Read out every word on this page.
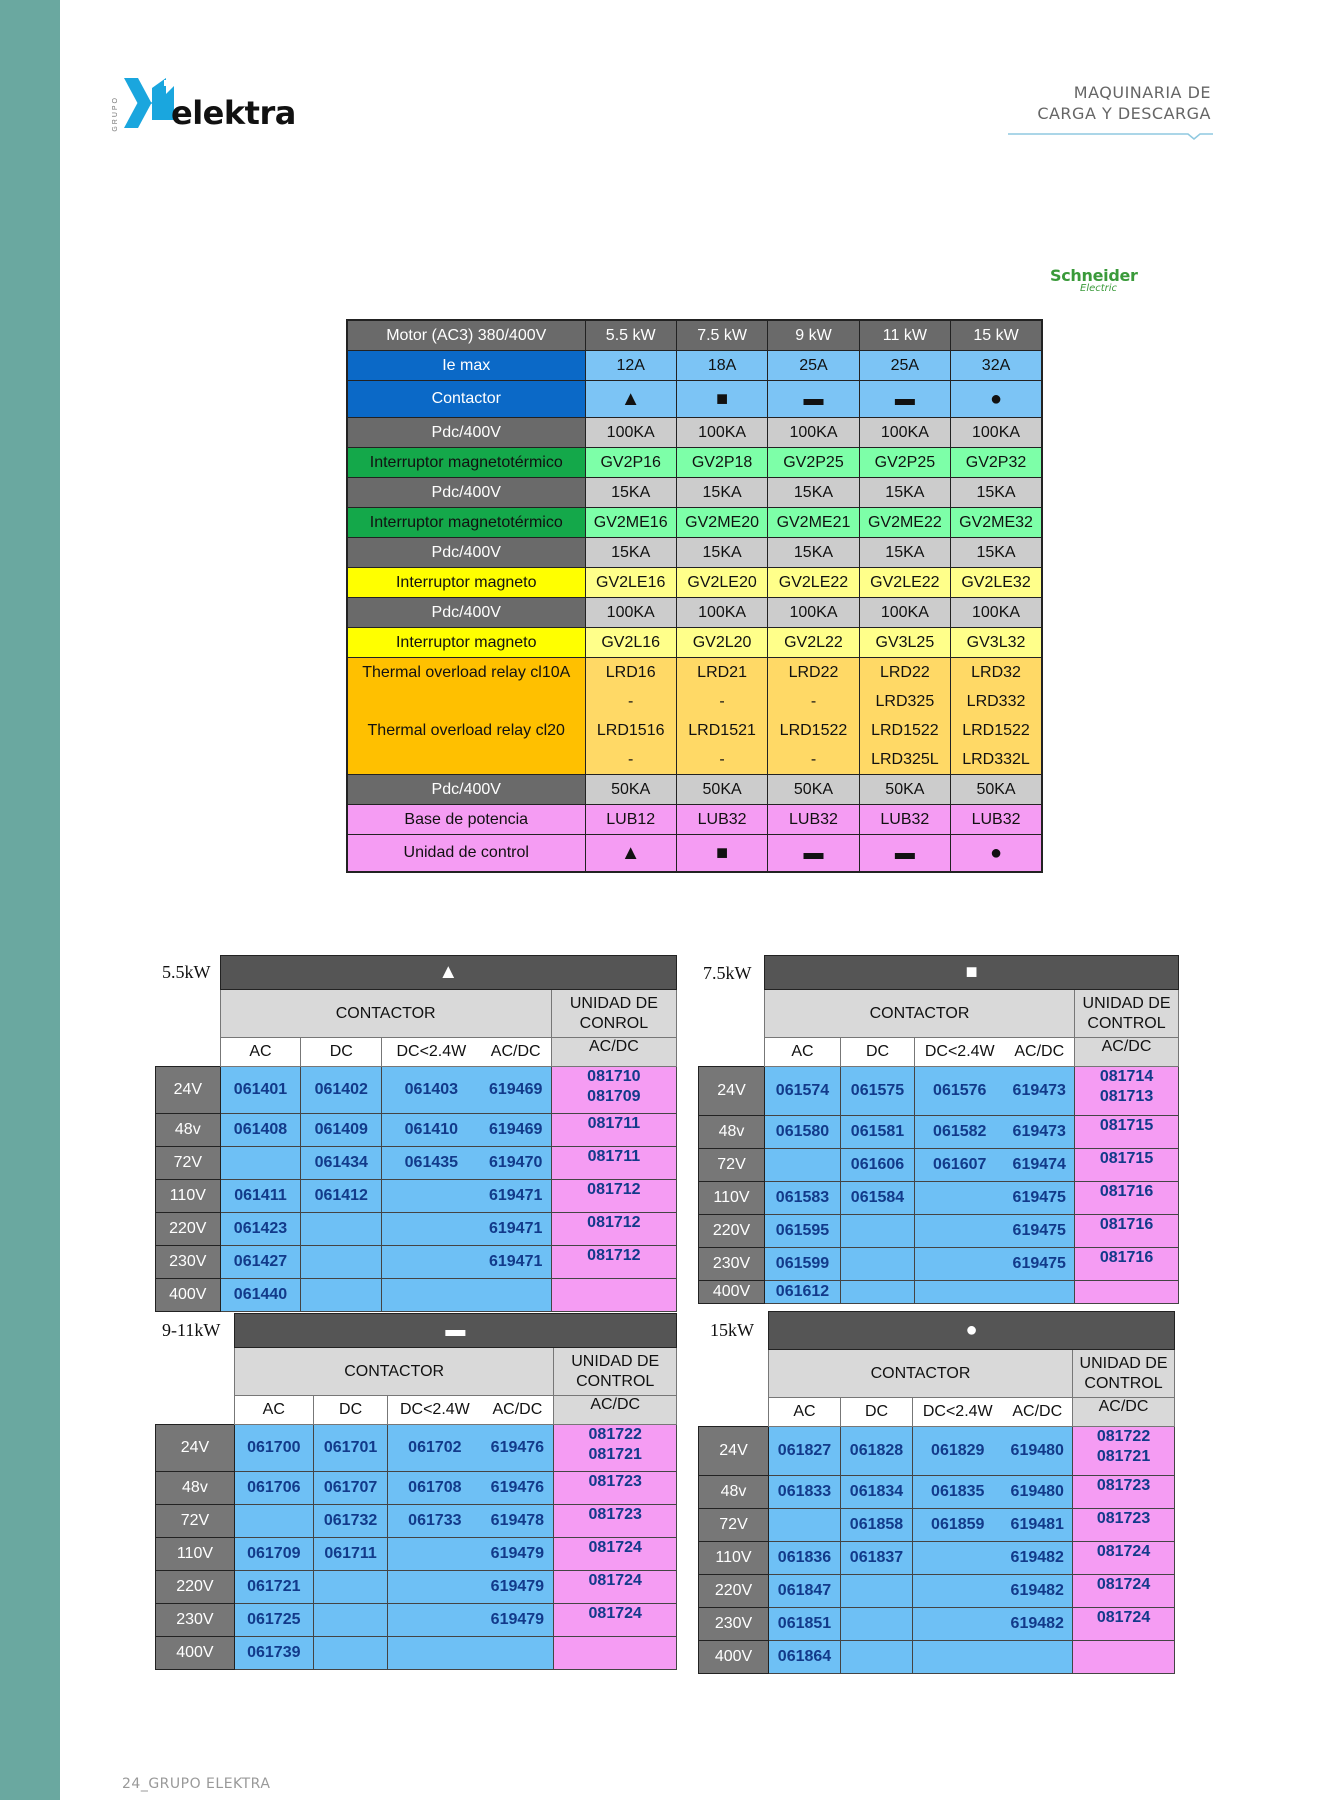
GRUPO elektra
MAQUINARIA DE
CARGA Y DESCARGA
Schneider
Electric
Motor (AC3) 380/400V	5.5 kW	7.5 kW	9 kW	11 kW	15 kW
Ie max	12A	18A	25A	25A	32A
Contactor	▲	■	▬	▬	●
Pdc/400V	100KA	100KA	100KA	100KA	100KA
Interruptor magnetotérmico	GV2P16	GV2P18	GV2P25	GV2P25	GV2P32
Pdc/400V	15KA	15KA	15KA	15KA	15KA
Interruptor magnetotérmico	GV2ME16	GV2ME20	GV2ME21	GV2ME22	GV2ME32
Pdc/400V	15KA	15KA	15KA	15KA	15KA
Interruptor magneto	GV2LE16	GV2LE20	GV2LE22	GV2LE22	GV2LE32
Pdc/400V	100KA	100KA	100KA	100KA	100KA
Interruptor magneto	GV2L16	GV2L20	GV2L22	GV3L25	GV3L32
Thermal overload relay cl10A	LRD16	LRD21	LRD22	LRD22	LRD32
	-	-	-	LRD325	LRD332
Thermal overload relay cl20	LRD1516	LRD1521	LRD1522	LRD1522	LRD1522
	-	-	-	LRD325L	LRD332L
Pdc/400V	50KA	50KA	50KA	50KA	50KA
Base de potencia	LUB12	LUB32	LUB32	LUB32	LUB32
Unidad de control	▲	■	▬	▬	●
5.5kW
		▲				
	CONTACTOR				UNIDAD DE
CONROL

	AC	DC	DC<2.4W	AC/DC	AC/DC
24V	061401	061402	061403	619469	081710
081709

48v	061408	061409	061410	619469	081711

72V		061434	061435	619470	081711

110V	061411	061412		619471	081712

220V	061423			619471	081712

230V	061427			619471	081712

400V	061440				
7.5kW
		■				
	CONTACTOR				UNIDAD DE
CONTROL

	AC	DC	DC<2.4W	AC/DC	AC/DC
24V	061574	061575	061576	619473	081714
081713

48v	061580	061581	061582	619473	081715

72V		061606	061607	619474	081715

110V	061583	061584		619475	081716

220V	061595			619475	081716

230V	061599			619475	081716

400V	061612				
9-11kW
		▬				
	CONTACTOR				UNIDAD DE
CONTROL

	AC	DC	DC<2.4W	AC/DC	AC/DC
24V	061700	061701	061702	619476	081722
081721

48v	061706	061707	061708	619476	081723

72V		061732	061733	619478	081723

110V	061709	061711		619479	081724

220V	061721			619479	081724

230V	061725			619479	081724

400V	061739				
15kW
		●				
	CONTACTOR				UNIDAD DE
CONTROL

	AC	DC	DC<2.4W	AC/DC	AC/DC
24V	061827	061828	061829	619480	081722
081721

48v	061833	061834	061835	619480	081723

72V		061858	061859	619481	081723

110V	061836	061837		619482	081724

220V	061847			619482	081724

230V	061851			619482	081724

400V	061864				
24_GRUPO ELEKTRA
